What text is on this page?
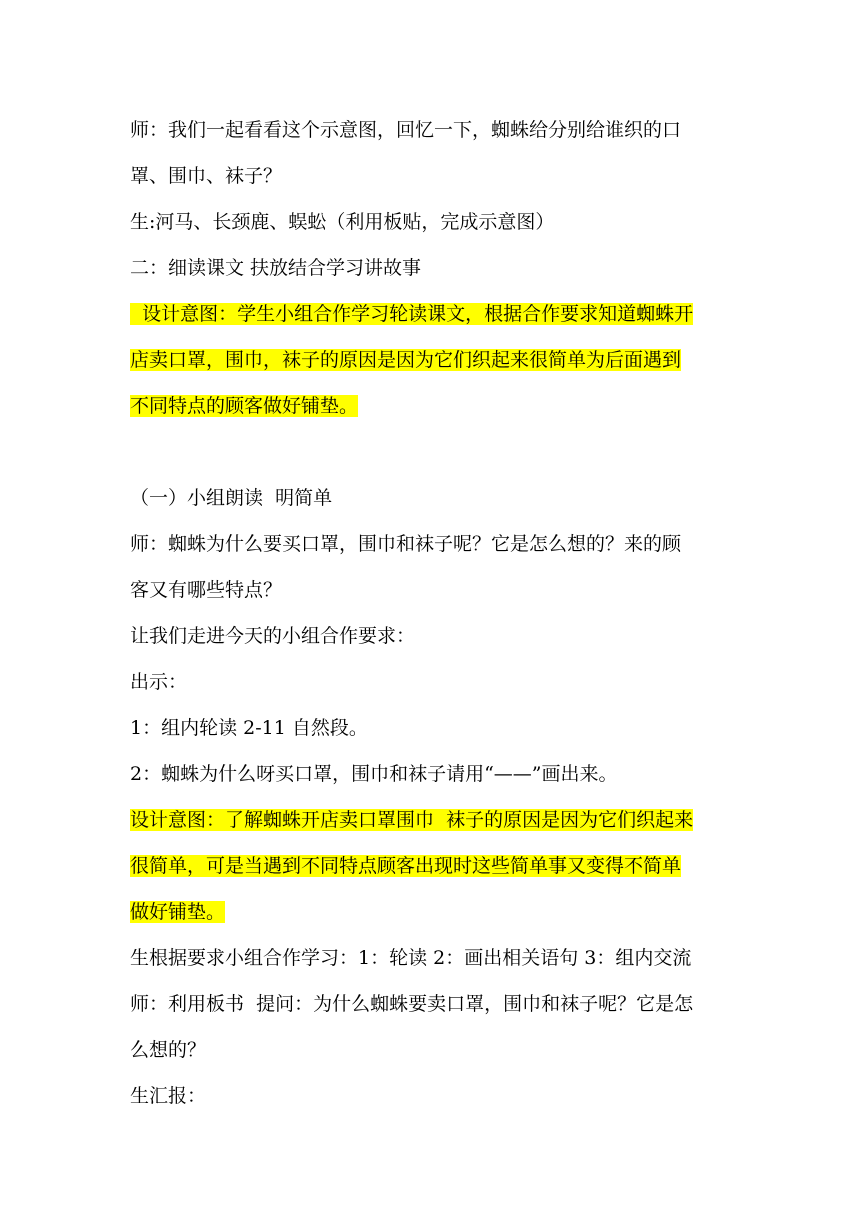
师：我们一起看看这个示意图，回忆一下，蜘蛛给分别给谁织的口
罩、围巾、袜子？
生:河马、长颈鹿、蜈蚣（利用板贴，完成示意图）
二：细读课文 扶放结合学习讲故事
设计意图：学生小组合作学习轮读课文，根据合作要求知道蜘蛛开
店卖口罩，围巾，袜子的原因是因为它们织起来很简单为后面遇到
不同特点的顾客做好铺垫。
（一）小组朗读  明简单
师：蜘蛛为什么要买口罩，围巾和袜子呢？它是怎么想的？来的顾
客又有哪些特点？
让我们走进今天的小组合作要求：
出示：
1：组内轮读 2-11 自然段。
2：蜘蛛为什么呀买口罩，围巾和袜子请用“——”画出来。
设计意图：了解蜘蛛开店卖口罩围巾  袜子的原因是因为它们织起来
很简单，可是当遇到不同特点顾客出现时这些简单事又变得不简单
做好铺垫。
生根据要求小组合作学习：1：轮读 2：画出相关语句 3：组内交流
师：利用板书  提问：为什么蜘蛛要卖口罩，围巾和袜子呢？它是怎
么想的？
生汇报：
